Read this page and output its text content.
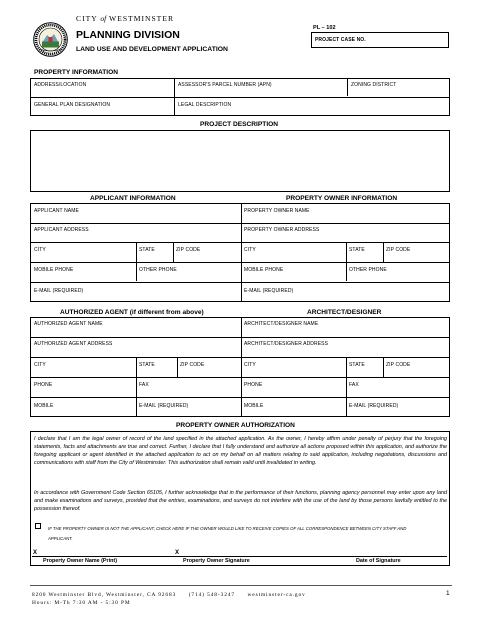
CITY of WESTMINSTER
PLANNING DIVISION
LAND USE AND DEVELOPMENT APPLICATION
PL – 102
PROJECT CASE NO.
PROPERTY INFORMATION
ADDRESS/LOCATION	ASSESSOR'S PARCEL NUMBER (APN)	ZONING DISTRICT
GENERAL PLAN DESIGNATION	LEGAL DESCRIPTION
PROJECT DESCRIPTION
APPLICANT INFORMATION	PROPERTY OWNER INFORMATION
APPLICANT NAME	PROPERTY OWNER NAME
APPLICANT ADDRESS	PROPERTY OWNER ADDRESS
CITY	STATE	ZIP CODE	CITY	STATE	ZIP CODE
MOBILE PHONE	OTHER PHONE	MOBILE PHONE	OTHER PHONE
E-MAIL (REQUIRED)	E-MAIL (REQUIRED)
AUTHORIZED AGENT (if different from above)	ARCHITECT/DESIGNER
AUTHORIZED AGENT NAME	ARCHITECT/DESIGNER NAME
AUTHORIZED AGENT ADDRESS	ARCHITECT/DESIGNER ADDRESS
CITY	STATE	ZIP CODE	CITY	STATE	ZIP CODE
PHONE	FAX	PHONE	FAX
MOBILE	E-MAIL (REQUIRED)	MOBILE	E-MAIL (REQUIRED)
PROPERTY OWNER AUTHORIZATION

I declare that I am the legal owner of record of the land specified in the attached application. As the owner, I hereby affirm under penalty of perjury that the foregoing statements, facts and attachments are true and correct. Further, I declare that I fully understand and authorize all actions proposed within this application, and authorize the foregoing applicant or agent identified in the attached application to act on my behalf on all matters relating to said application, including negotiations, discussions and communications with staff from the City of Westminster. This authorization shall remain valid until invalidated in writing.

In accordance with Government Code Section 65105, I further acknowledge that in the performance of their functions, planning agency personnel may enter upon any land and make examinations and surveys, provided that the entries, examinations, and surveys do not interfere with the use of the land by those persons lawfully entitled to the possession thereof.

IF THE PROPERTY OWNER IS NOT THE APPLICANT, CHECK HERE IF THE OWNER WOULD LIKE TO RECEIVE COPIES OF ALL CORRESPONDENCE BETWEEN CITY STAFF AND
APPLICANT.
X	X
Property Owner Name (Print)	Property Owner Signature	Date of Signature
8200 Westminster Blvd, Westminster, CA 92683 (714) 548-3247 westminster-ca.gov
Hours: M-Th 7:30 AM - 5:30 PM
1
